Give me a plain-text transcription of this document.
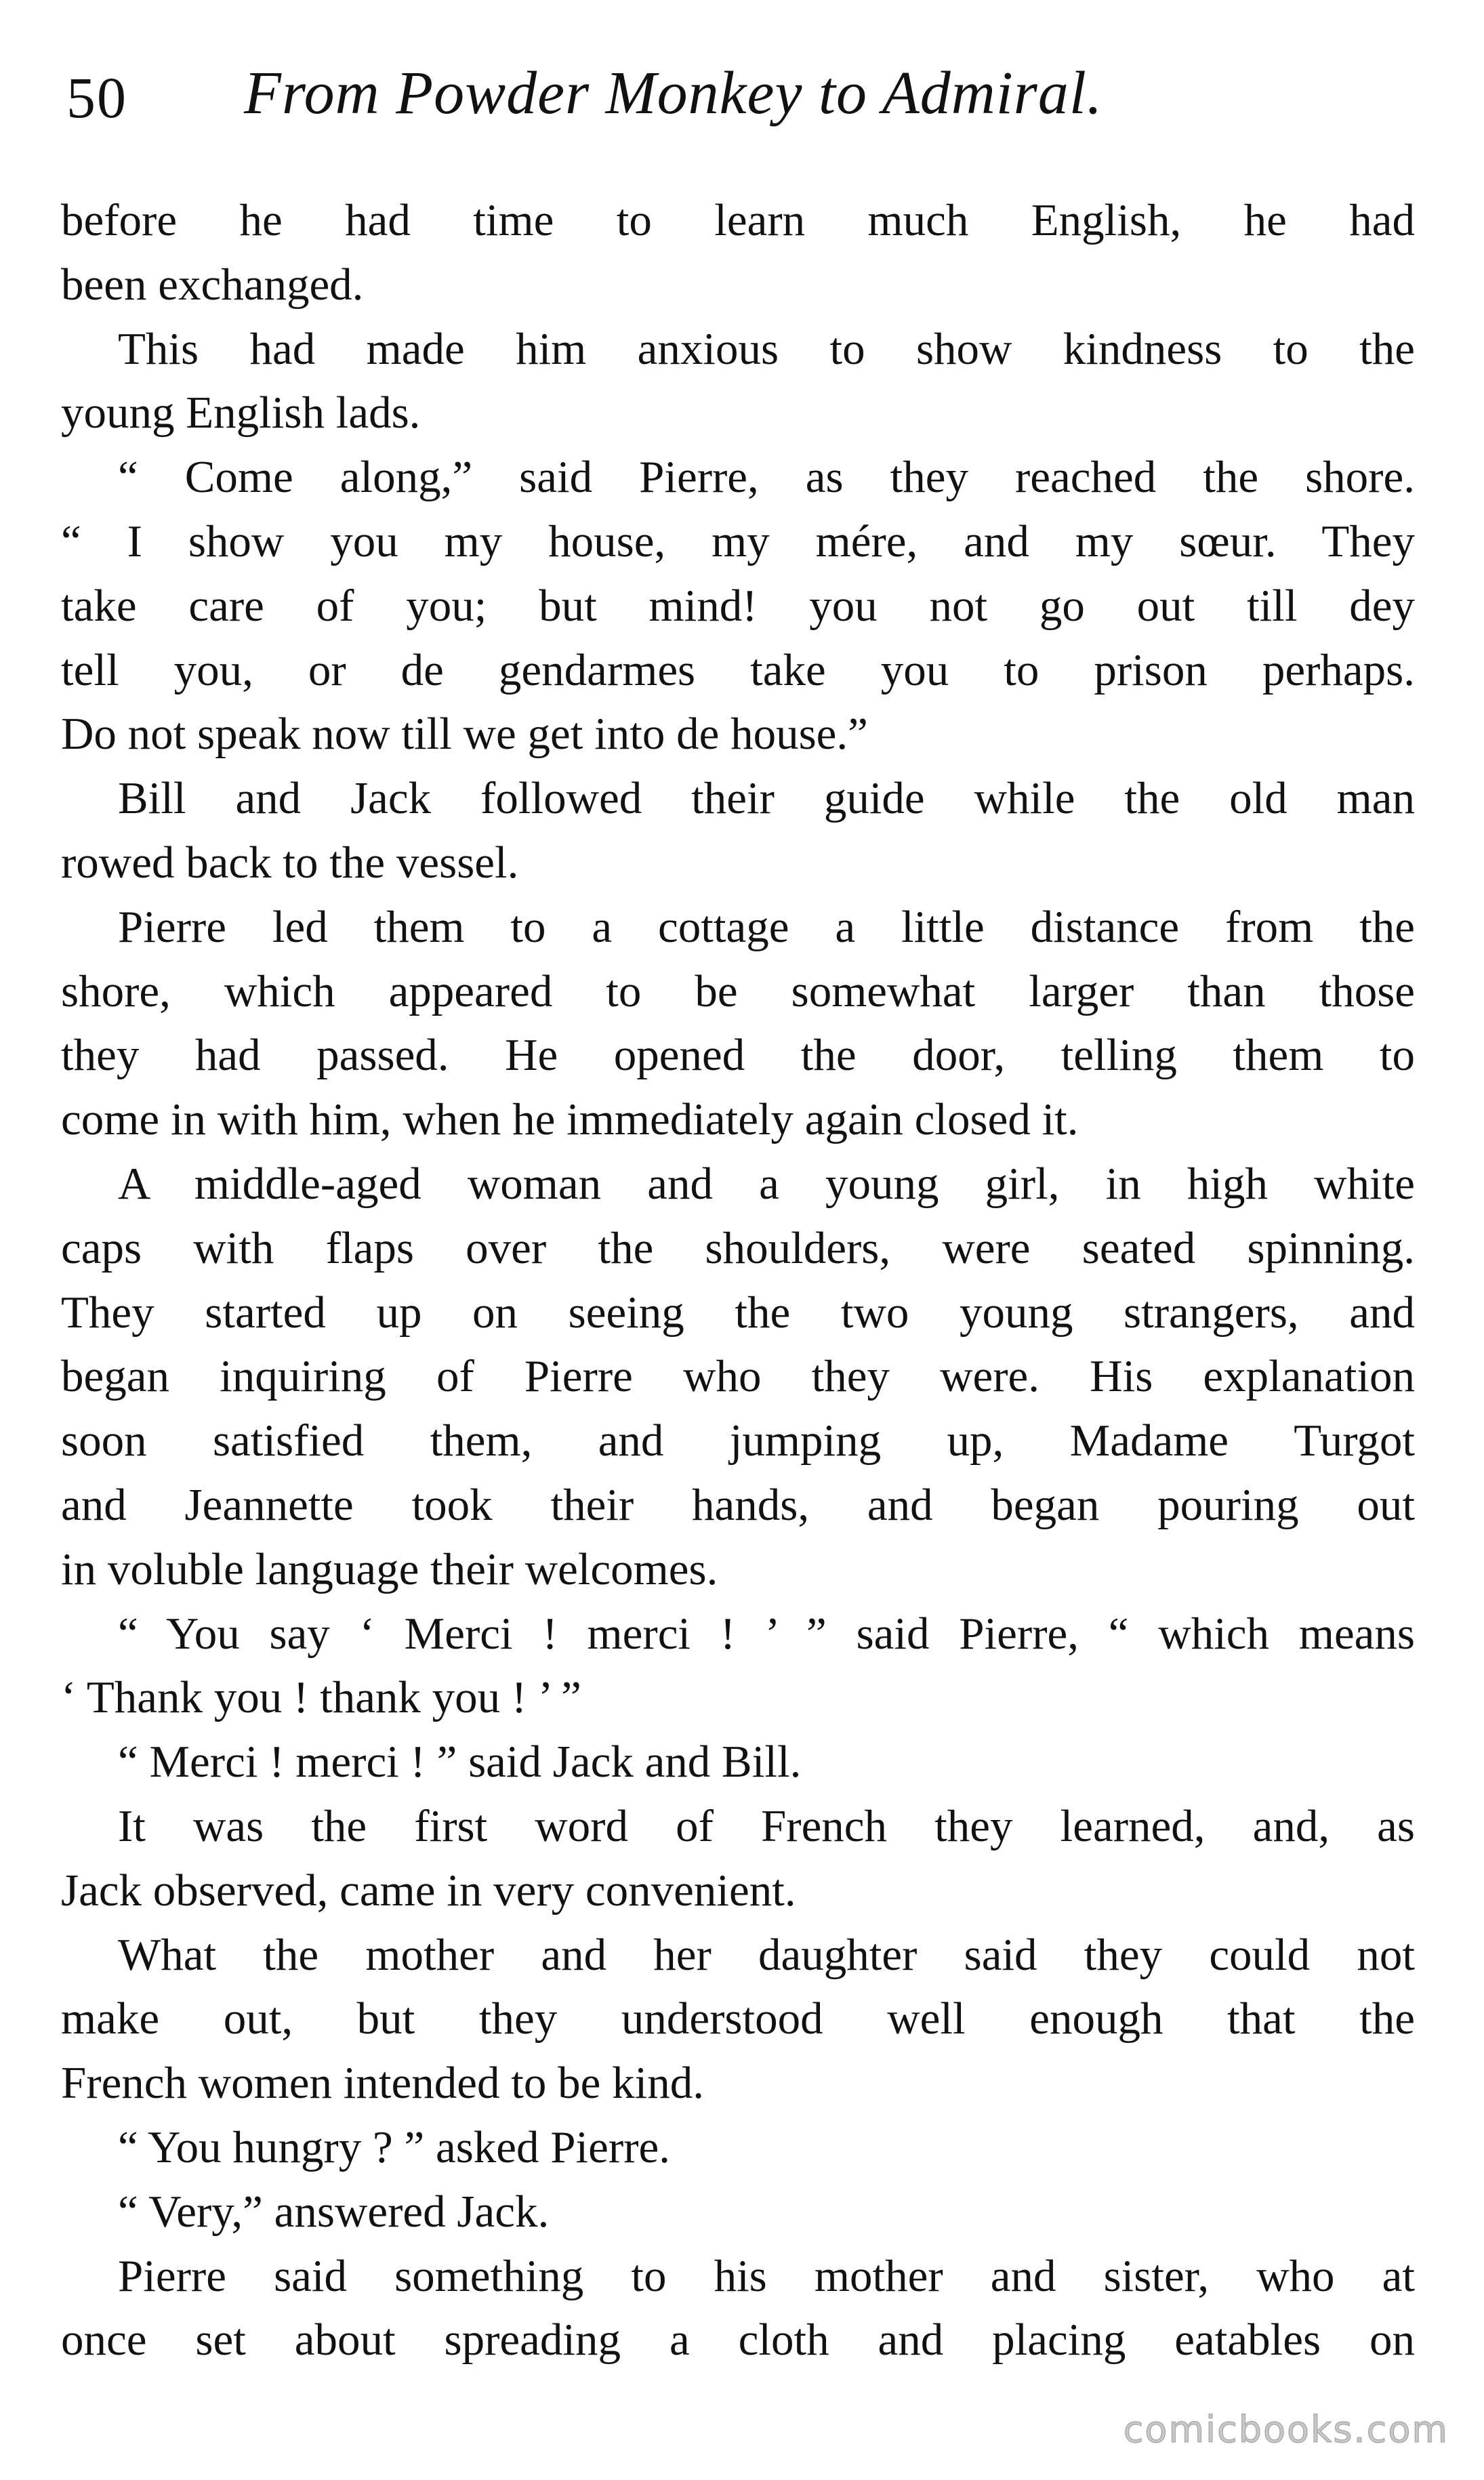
50 From Powder Monkey to Admiral.
before he had time to learn much English, he had
been exchanged.
This had made him anxious to show kindness to the
young English lads.
“ Come along,” said Pierre, as they reached the shore.
“ I show you my house, my mére, and my sœur. They
take care of you; but mind! you not go out till dey
tell you, or de gendarmes take you to prison perhaps.
Do not speak now till we get into de house.”
Bill and Jack followed their guide while the old man
rowed back to the vessel.
Pierre led them to a cottage a little distance from the
shore, which appeared to be somewhat larger than those
they had passed. He opened the door, telling them to
come in with him, when he immediately again closed it.
A middle-aged woman and a young girl, in high white
caps with flaps over the shoulders, were seated spinning.
They started up on seeing the two young strangers, and
began inquiring of Pierre who they were. His explanation
soon satisfied them, and jumping up, Madame Turgot
and Jeannette took their hands, and began pouring out
in voluble language their welcomes.
“ You say ‘ Merci ! merci ! ’ ” said Pierre, “ which means
‘ Thank you ! thank you ! ’ ”
“ Merci ! merci ! ” said Jack and Bill.
It was the first word of French they learned, and, as
Jack observed, came in very convenient.
What the mother and her daughter said they could not
make out, but they understood well enough that the
French women intended to be kind.
“ You hungry ? ” asked Pierre.
“ Very,” answered Jack.
Pierre said something to his mother and sister, who at
once set about spreading a cloth and placing eatables on
comicbooks.com
